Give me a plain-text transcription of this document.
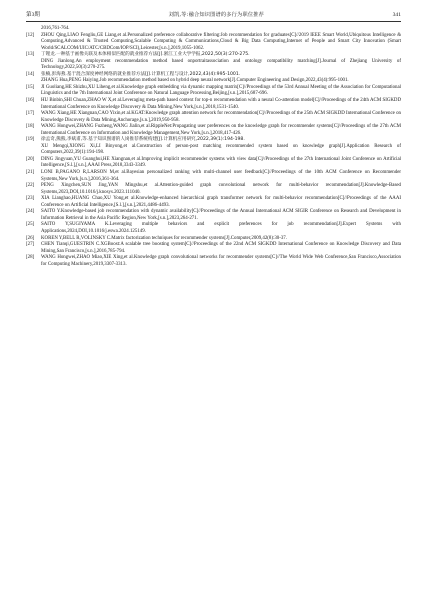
第3期	刘凯,等:融合知识图谱的多行为职位推荐	341
2016,761-764.
[12]	ZHOU Qing,LIAO Fengliu,GE Liang,et al.Personalized preference collaborative filtering:Job recommendation for graduates[C]//2019 IEEE Smart World,Ubiquitous Intelligence & Computing,Advanced & Trusted Computing,Scalable Computing & Communications,Cloud & Big Data Computing,Internet of People and Smart City Innovation (Smart World/SCALCOM/UIC/ATC/CBDCom/IOP/SCI),Leicester,[s.n.],2019,1055-1062.
[13]	丁锂龙.一种基于画像关联及本体相似匹配的就业推荐方法[J].浙江工业大学学报,2022,50(3):270-275.
DING Jianlong.An employment recommendation method based onportraitassociation and ontology compatibility matching[J].Journal of Zhejiang University of Technology,2022,50(3):270-275.
[14]	张楠,彭海燕.基于混合深度神经网络的就业推荐方法[J].计算机工程与设计,2022,43(4):995-1001.
ZHANG Hua,PENG Haiying.Job recommendation method based on hybrid deep neural network[J].Computer Engineering and Design,2022,43(4):995-1001.
[15]	JI Guoliang,HE Shizhu,XU Liheng,et al.Knowledge graph embedding via dynamic mapping matrix[C]//Proceedings of the 53rd Annual Meeting of the Association for Computational Linguistics and the 7th International Joint Conference on Natural Language Processing,Beijing,[s.n.],2015,687-696.
[16]	HU Binbin,SHI Chuan,ZHAO W X,et al.Leveraging meta-path based context for top-n recommendation with a neural Co-attention model[C]//Proceedings of the 24th ACM SIGKDD International Conference on Knowledge Discovery & Data Mining,New York,[s.n.],2018,1531-1540.
[17]	WANG Xiang,HE Xiangnan,CAO Yixin,et al.KGAT:Knowledge graph attention network for recommendation[C]//Proceedings of the 25th ACM SIGKDD International Conference on Knowledge Discovery & Data Mining,Anchorage,[s.n.],2019,950-958.
[18]	WANG Hongwei,ZHANG Fuzheng,WANG Jialin,et al.RippleNet:Propagating user preferences on the knowledge graph for recommender systems[C]//Proceedings of the 27th ACM International Conference on Information and Knowledge Management,New York,[s.n.],2018,417-426.
[19]	徐孟奇,熊熊,李斌甫,等.基于知识图谱的人岗推荐系统构建[J].计算机应用研究,2022,39(1):194-198.
XU Mengqi,XIONG Xi,LI Binyong,et al.Construction of person-post matching recommended system based on knowledge graph[J].Application Research of Computers,2022,39(1):194-198.
[20]	DING Jingyuan,YU Guanghui,HE Xiangnan,et al.Improving implicit recommender systems with view data[C]//Proceedings of the 27th International Joint Conference on Artificial Intelligence,[S.l.],[s.n.],AAAI Press,2018,3343-3349.
[21]	LONI B,PAGANO R,LARSON M,et al.Bayesian personalized ranking with multi-channel user feedback[C]//Proceedings of the 10th ACM Conference on Recommender Systems,New York,[s.n.],2016,361-364.
[22]	PENG Xingchen,SUN Jing,YAN Mingshu,et al.Attention-guided graph convolutional network for multi-behavior recommendation[J].Knowledge-Based Systems,2023,DOI,10.1016/j.knosys.2023.111040.
[23]	XIA Lianghao,HUANG Chao,XU Yong,et al.Knowledge-enhanced hierarchical graph transformer network for multi-behavior recommendation[C]//Proceedings of the AAAI Conference on Artificial Intelligence,[S.l.],[s.n.],2021,4486-4493.
[24]	SAITO Y.Knowledge-based job recommendation with dynamic availability[C]//Proceedings of the Annual International ACM SIGIR Conference on Research and Development in Information Retrieval in the Asia Pacific Region,New York,[s.n.],2023,264-271.
[25]	SAITO Y,SUGIYAMA K.Leveraging multiple behaviors and explicit preferences for job recommendation[J].Expert Systems with Applications,2024,DOI,10.1016/j.eswa.2024.125149.
[26]	KOREN Y,BELL R,VOLINSKY C.Matrix factorization techniques for recommender systems[J].Computer,2009,42(8):30-37.
[27]	CHEN Tianqi,GUESTRIN C.XGBoost:A scalable tree boosting system[C]//Proceedings of the 22nd ACM SIGKDD International Conference on Knowledge Discovery and Data Mining,San Francisco,[s.n.],2016,785-794.
[28]	WANG Hongwei,ZHAO Miao,XIE Xing,et al.Knowledge graph convolutional networks for recommender systems[C]//The World Wide Web Conference,San Francisco,Association for Computing Machinery,2019,3307-3313.
